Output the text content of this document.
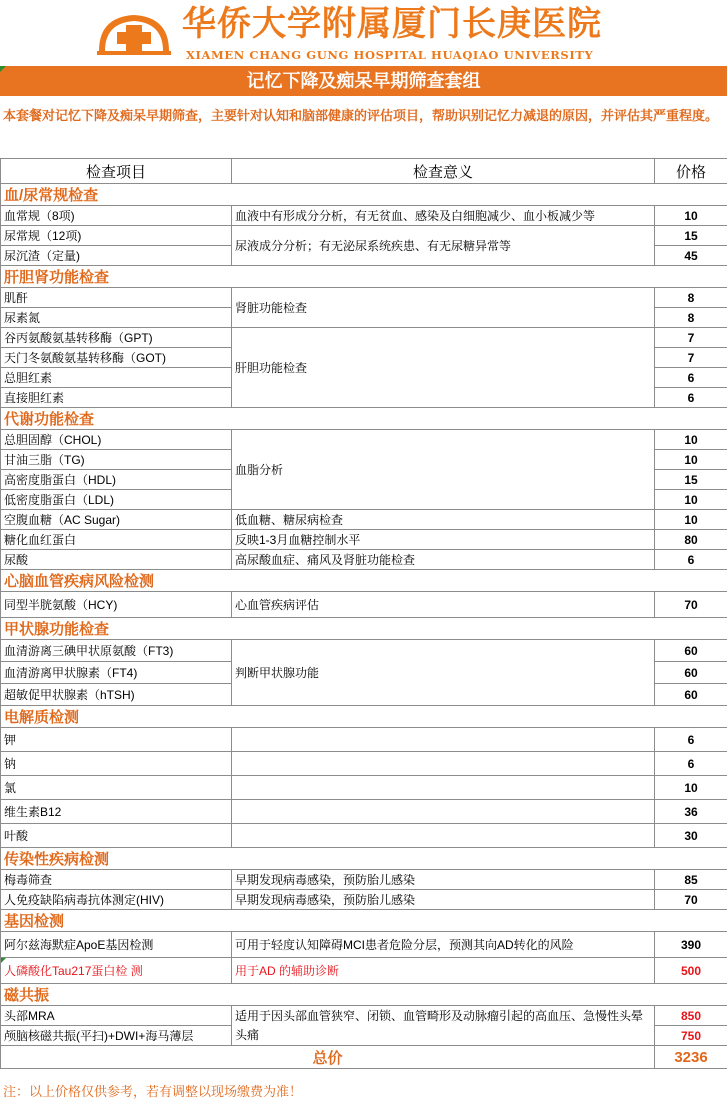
华侨大学附属厦门长庚医院
XIAMEN CHANG GUNG HOSPITAL HUAQIAO UNIVERSITY
记忆下降及痴呆早期筛查套组
本套餐对记忆下降及痴呆早期筛查，主要针对认知和脑部健康的评估项目，帮助识别记忆力减退的原因，并评估其严重程度。
检查项目	检查意义	价格
血/尿常规检查		
血常规（8项)	血液中有形成分分析，有无贫血、感染及白细胞减少、血小板减少等	10
尿常规（12项)	尿液成分分析；有无泌尿系统疾患、有无尿糖异常等	15
尿沉渣（定量)		45
肝胆肾功能检查		
肌酐	肾脏功能检查	8
尿素氮		8
谷丙氨酸氨基转移酶（GPT)	肝胆功能检查	7
天门冬氨酸氨基转移酶（GOT)		7
总胆红素		6
直接胆红素		6
代谢功能检查		
总胆固醇（CHOL)	血脂分析	10
甘油三脂（TG)		10
高密度脂蛋白（HDL)		15
低密度脂蛋白（LDL)		10
空腹血糖（AC Sugar)	低血糖、糖尿病检查	10
糖化血红蛋白	反映1-3月血糖控制水平	80
尿酸	高尿酸血症、痛风及肾脏功能检查	6
心脑血管疾病风险检测		
同型半胱氨酸（HCY)	心血管疾病评估	70
甲状腺功能检查		
血清游离三碘甲状原氨酸（FT3)	判断甲状腺功能	60
血清游离甲状腺素（FT4)		60
超敏促甲状腺素（hTSH)		60
电解质检测		
钾		6
钠		6
氯		10
维生素B12		36
叶酸		30
传染性疾病检测		
梅毒筛查	早期发现病毒感染，预防胎儿感染	85
人免疫缺陷病毒抗体测定(HIV)	早期发现病毒感染，预防胎儿感染	70
基因检测		
阿尔兹海默症ApoE基因检测	可用于轻度认知障碍MCI患者危险分层，预测其向AD转化的风险	390
人磷酸化Tau217蛋白检 测	用于AD 的辅助诊断	500
磁共振		
头部MRA	适用于因头部血管狭窄、闭锁、血管畸形及动脉瘤引起的高血压、急慢性头晕头痛	850
颅脑核磁共振(平扫)+DWI+海马薄层		750
总价		3236
注：以上价格仅供参考，若有调整以现场缴费为准！
